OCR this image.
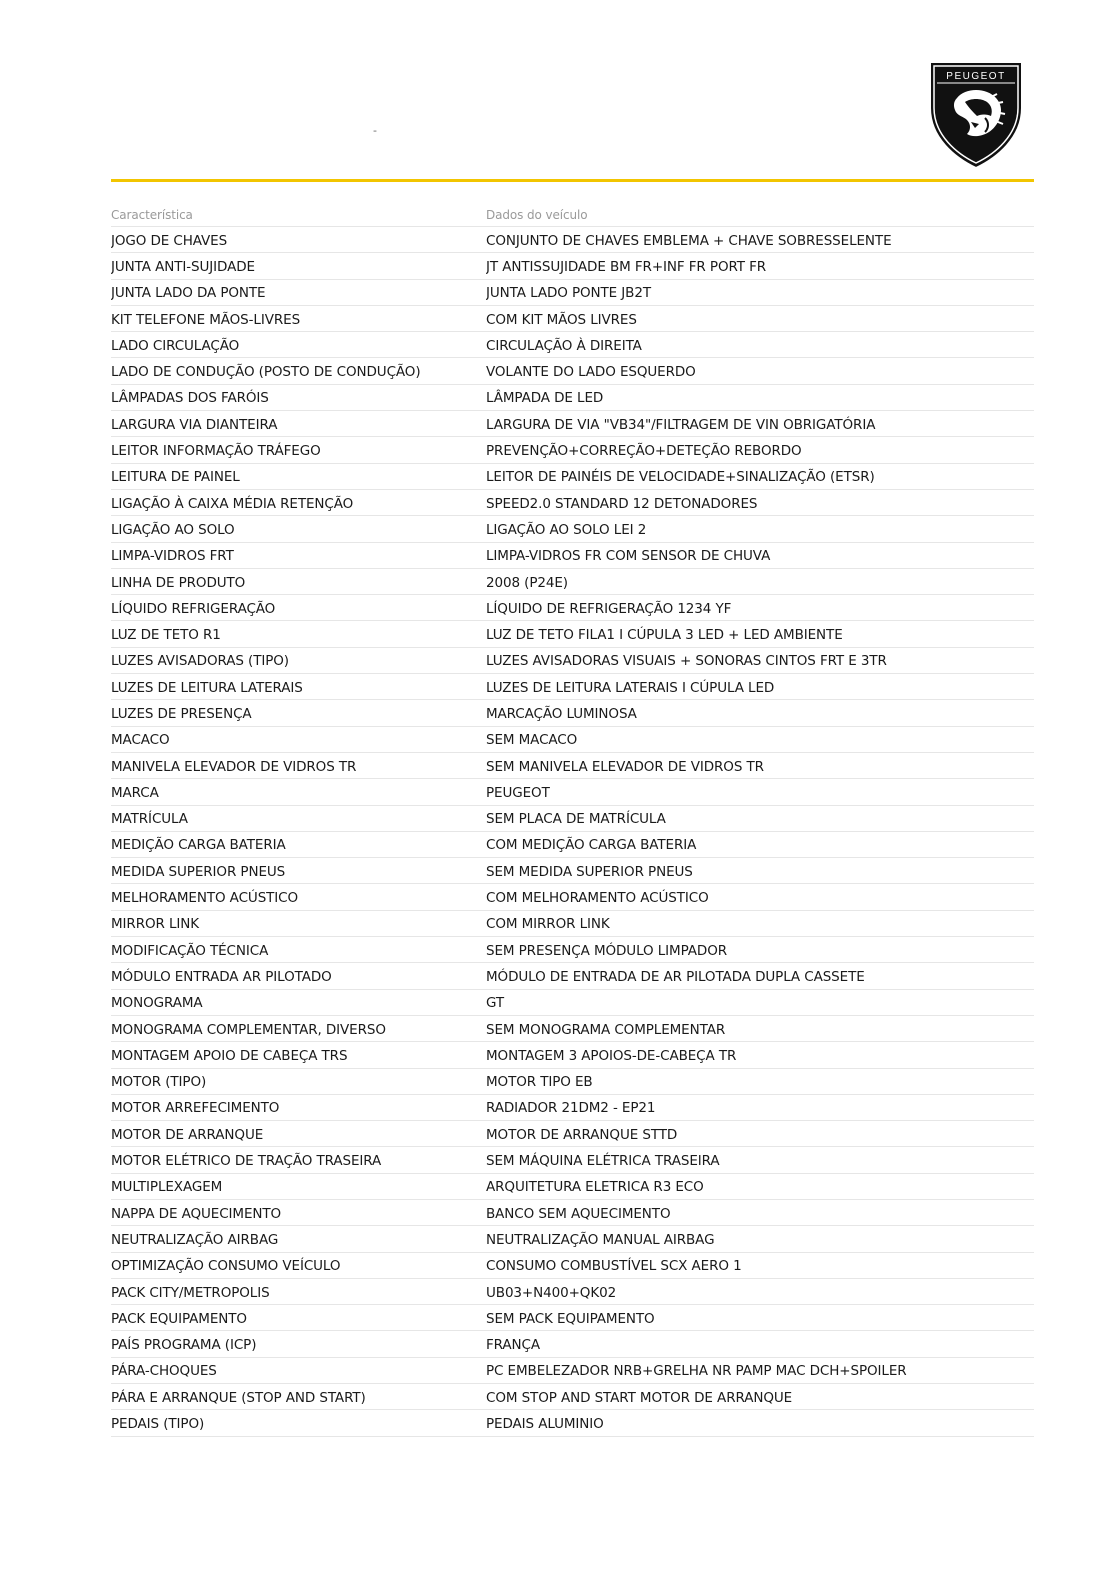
-
PEUGEOT
Característica	Dados do veículo
JOGO DE CHAVES	CONJUNTO DE CHAVES EMBLEMA + CHAVE SOBRESSELENTE
JUNTA ANTI-SUJIDADE	JT ANTISSUJIDADE BM FR+INF FR PORT FR
JUNTA LADO DA PONTE	JUNTA LADO PONTE JB2T
KIT TELEFONE MÃOS-LIVRES	COM KIT MÃOS LIVRES
LADO CIRCULAÇÃO	CIRCULAÇÃO À DIREITA
LADO DE CONDUÇÃO (POSTO DE CONDUÇÃO)	VOLANTE DO LADO ESQUERDO
LÂMPADAS DOS FARÓIS	LÂMPADA DE LED
LARGURA VIA DIANTEIRA	LARGURA DE VIA "VB34"/FILTRAGEM DE VIN OBRIGATÓRIA
LEITOR INFORMAÇÃO TRÁFEGO	PREVENÇÃO+CORREÇÃO+DETEÇÃO REBORDO
LEITURA DE PAINEL	LEITOR DE PAINÉIS DE VELOCIDADE+SINALIZAÇÃO (ETSR)
LIGAÇÃO À CAIXA MÉDIA RETENÇÃO	SPEED2.0 STANDARD 12 DETONADORES
LIGAÇÃO AO SOLO	LIGAÇÃO AO SOLO LEI 2
LIMPA-VIDROS FRT	LIMPA-VIDROS FR COM SENSOR DE CHUVA
LINHA DE PRODUTO	2008 (P24E)
LÍQUIDO REFRIGERAÇÃO	LÍQUIDO DE REFRIGERAÇÃO 1234 YF
LUZ DE TETO R1	LUZ DE TETO FILA1 I CÚPULA 3 LED + LED AMBIENTE
LUZES AVISADORAS (TIPO)	LUZES AVISADORAS VISUAIS + SONORAS CINTOS FRT E 3TR
LUZES DE LEITURA LATERAIS	LUZES DE LEITURA LATERAIS I CÚPULA LED
LUZES DE PRESENÇA	MARCAÇÃO LUMINOSA
MACACO	SEM MACACO
MANIVELA ELEVADOR DE VIDROS TR	SEM MANIVELA ELEVADOR DE VIDROS TR
MARCA	PEUGEOT
MATRÍCULA	SEM PLACA DE MATRÍCULA
MEDIÇÃO CARGA BATERIA	COM MEDIÇÃO CARGA BATERIA
MEDIDA SUPERIOR PNEUS	SEM MEDIDA SUPERIOR PNEUS
MELHORAMENTO ACÚSTICO	COM MELHORAMENTO ACÚSTICO
MIRROR LINK	COM MIRROR LINK
MODIFICAÇÃO TÉCNICA	SEM PRESENÇA MÓDULO LIMPADOR
MÓDULO ENTRADA AR PILOTADO	MÓDULO DE ENTRADA DE AR PILOTADA DUPLA CASSETE
MONOGRAMA	GT
MONOGRAMA COMPLEMENTAR, DIVERSO	SEM MONOGRAMA COMPLEMENTAR
MONTAGEM APOIO DE CABEÇA TRS	MONTAGEM 3 APOIOS-DE-CABEÇA TR
MOTOR (TIPO)	MOTOR TIPO EB
MOTOR ARREFECIMENTO	RADIADOR 21DM2 - EP21
MOTOR DE ARRANQUE	MOTOR DE ARRANQUE STTD
MOTOR ELÉTRICO DE TRAÇÃO TRASEIRA	SEM MÁQUINA ELÉTRICA TRASEIRA
MULTIPLEXAGEM	ARQUITETURA ELETRICA R3 ECO
NAPPA DE AQUECIMENTO	BANCO SEM AQUECIMENTO
NEUTRALIZAÇÃO AIRBAG	NEUTRALIZAÇÃO MANUAL AIRBAG
OPTIMIZAÇÃO CONSUMO VEÍCULO	CONSUMO COMBUSTÍVEL SCX AERO 1
PACK CITY/METROPOLIS	UB03+N400+QK02
PACK EQUIPAMENTO	SEM PACK EQUIPAMENTO
PAÍS PROGRAMA (ICP)	FRANÇA
PÁRA-CHOQUES	PC EMBELEZADOR NRB+GRELHA NR PAMP MAC DCH+SPOILER
PÁRA E ARRANQUE (STOP AND START)	COM STOP AND START MOTOR DE ARRANQUE
PEDAIS (TIPO)	PEDAIS ALUMINIO
